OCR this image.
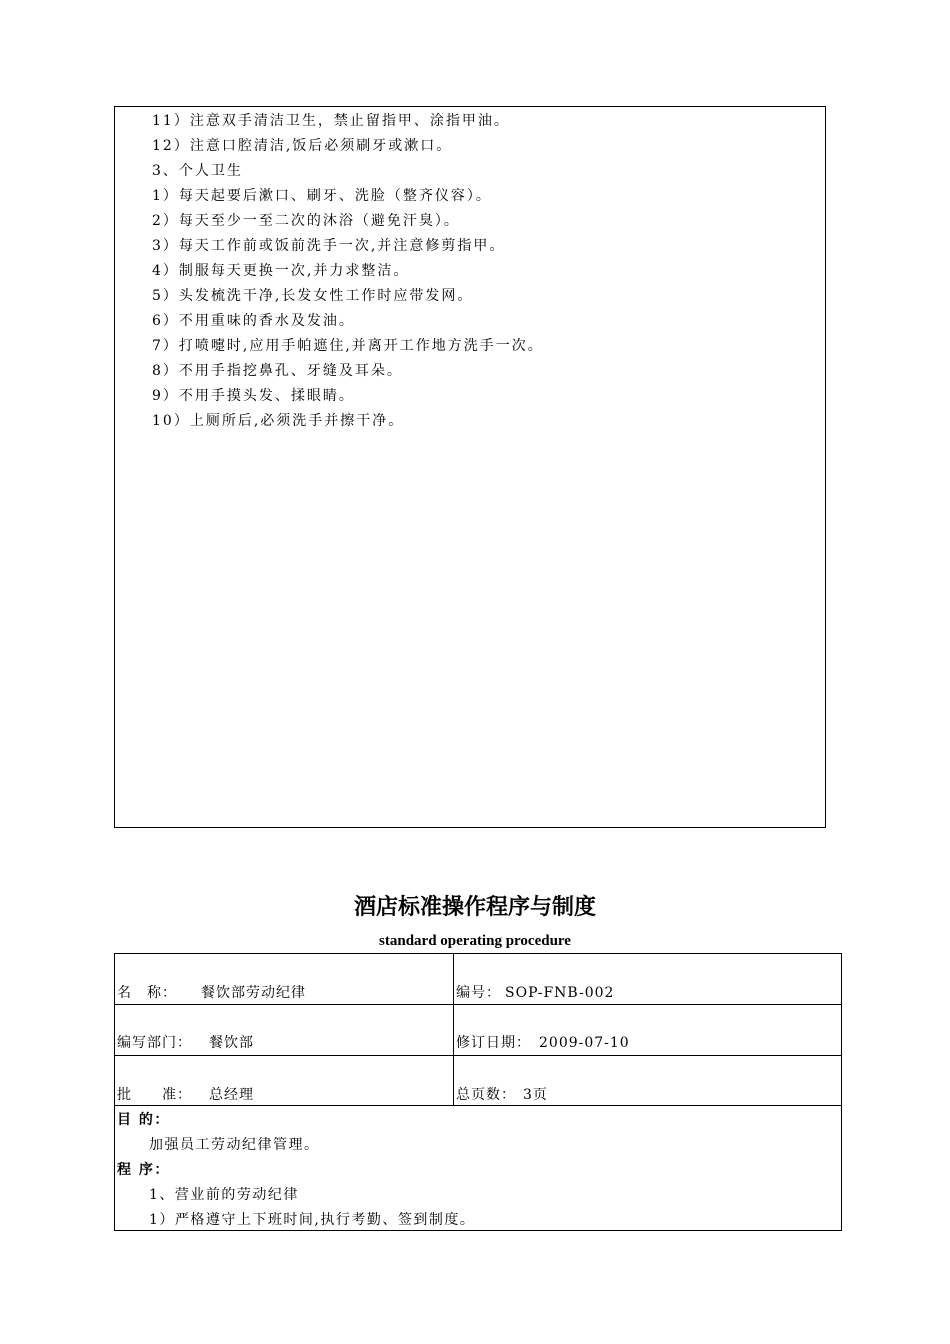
11）注意双手清洁卫生，禁止留指甲、涂指甲油。
12）注意口腔清洁,饭后必须刷牙或漱口。
3、个人卫生
1）每天起要后漱口、刷牙、洗脸（整齐仪容）。
2）每天至少一至二次的沐浴（避免汗臭）。
3）每天工作前或饭前洗手一次,并注意修剪指甲。
4）制服每天更换一次,并力求整洁。
5）头发梳洗干净,长发女性工作时应带发网。
6）不用重味的香水及发油。
7）打喷嚏时,应用手帕遮住,并离开工作地方洗手一次。
8）不用手指挖鼻孔、牙缝及耳朵。
9）不用手摸头发、揉眼睛。
10）上厕所后,必须洗手并擦干净。
酒店标准操作程序与制度
standard operating procedure
名　称： 餐饮部劳动纪律	编号： SOP-FNB-002
编写部门： 餐饮部	修订日期： 2009-07-10
批　　准： 总经理	总页数： 3页
目 的：
加强员工劳动纪律管理。
程 序：
1、营业前的劳动纪律
1）严格遵守上下班时间,执行考勤、签到制度。
